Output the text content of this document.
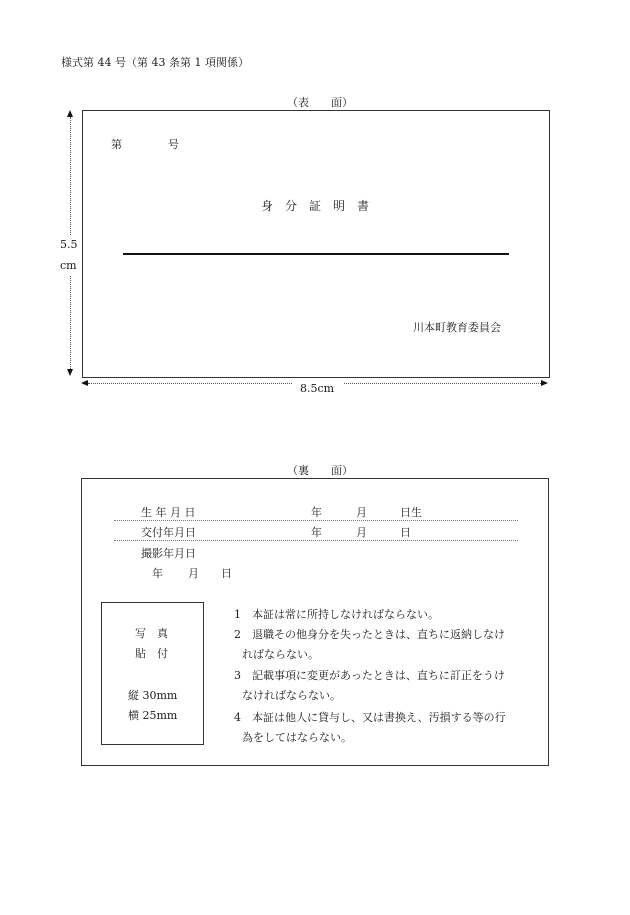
様式第 44 号（第 43 条第 1 項関係）
（表　　面）
5.5
cm
第	号
身分証明書
川本町教育委員会
8.5cm
（裏　　面）
生 年 月 日	年	月	日生
交付年月日	年	月	日
撮影年月日
年 月 日
写　真
貼　付
縦 30mm
横 25mm
1　本証は常に所持しなければならない。
2　退職その他身分を失ったときは、直ちに返納しなけ
ればならない。
3　記載事項に変更があったときは、直ちに訂正をうけ
なければならない。
4　本証は他人に貸与し、又は書換え、汚損する等の行
為をしてはならない。
